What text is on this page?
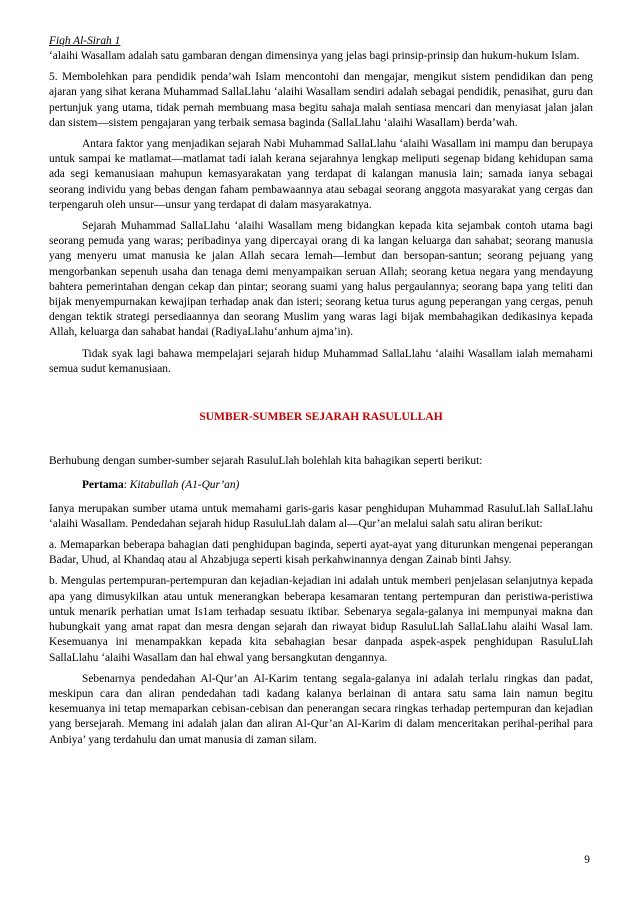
Fiqh Al-Sirah 1

‘alaihi Wasallam adalah satu gambaran dengan dimensinya yang jelas bagi prinsip-prinsip dan hukum-hukum Islam.

5. Membolehkan para pendidik penda’wah Islam mencontohi dan mengajar, mengikut sistem pendidikan dan peng ajaran yang sihat kerana Muhammad SallaLlahu ‘alaihi Wasallam sendiri adalah sebagai pendidik, penasihat, guru dan pertunjuk yang utama, tidak pernah membuang masa begitu sahaja malah sentiasa mencari dan menyiasat jalan jalan dan sistem—sistem pengajaran yang terbaik semasa baginda (SallaLlahu ‘alaihi Wasallam) berda’wah.

Antara faktor yang menjadikan sejarah Nabi Muhammad SallaLlahu ‘alaihi Wasallam ini mampu dan berupaya untuk sampai ke matlamat—matlamat tadi ialah kerana sejarahnya lengkap meliputi segenap bidang kehidupan sama ada segi kemanusiaan mahupun kemasyarakatan yang terdapat di kalangan manusia lain; samada ianya sebagai seorang individu yang bebas dengan faham pembawaannya atau sebagai seorang anggota masyarakat yang cergas dan terpengaruh oleh unsur—unsur yang terdapat di dalam masyarakatnya.

Sejarah Muhammad SallaLlahu ‘alaihi Wasallam meng bidangkan kepada kita sejambak contoh utama bagi seorang pemuda yang waras; peribadinya yang dipercayai orang di ka langan keluarga dan sahabat; seorang manusia yang menyeru umat manusia ke jalan Allah secara lemah—lembut dan bersopan-santun; seorang pejuang yang mengorbankan sepenuh usaha dan tenaga demi menyampaikan seruan Allah; seorang ketua negara yang mendayung bahtera pemerintahan dengan cekap dan pintar; seorang suami yang halus pergaulannya; seorang bapa yang teliti dan bijak menyempurnakan kewajipan terhadap anak dan isteri; seorang ketua turus agung peperangan yang cergas, penuh dengan tektik strategi persediaannya dan seorang Muslim yang waras lagi bijak membahagikan dedikasinya kepada Allah, keluarga dan sahabat handai (RadiyaLlahu‘anhum ajma’in).

Tidak syak lagi bahawa mempelajari sejarah hidup Muhammad SallaLlahu ‘alaihi Wasallam ialah memahami semua sudut kemanusiaan.

SUMBER-SUMBER SEJARAH RASULULLAH

Berhubung dengan sumber-sumber sejarah RasuluLlah bolehlah kita bahagikan seperti berikut:

Pertama: Kitabullah (A1-Qur’an)

Ianya merupakan sumber utama untuk memahami garis-garis kasar penghidupan Muhammad RasuluLlah SallaLlahu ‘alaihi Wasallam. Pendedahan sejarah hidup RasuluLlah dalam al—Qur’an melalui salah satu aliran berikut:

a. Memaparkan beberapa bahagian dati penghidupan baginda, seperti ayat-ayat yang diturunkan mengenai peperangan Badar, Uhud, al Khandaq atau al Ahzabjuga seperti kisah perkahwinannya dengan Zainab binti Jahsy.

b. Mengulas pertempuran-pertempuran dan kejadian-kejadian ini adalah untuk memberi penjelasan selanjutnya kepada apa yang dimusykilkan atau untuk menerangkan beberapa kesamaran tentang pertempuran dan peristiwa-peristiwa untuk menarik perhatian umat Is1am terhadap sesuatu iktibar. Sebenarya segala-galanya ini mempunyai makna dan hubungkait yang amat rapat dan mesra dengan sejarah dan riwayat bidup RasuluLlah SallaLlahu alaihi Wasal lam. Kesemuanya ini menampakkan kepada kita sebahagian besar danpada aspek-aspek penghidupan RasuluLlah SallaLlahu ‘alaihi Wasallam dan hal ehwal yang bersangkutan dengannya.

Sebenarnya pendedahan Al-Qur’an Al-Karim tentang segala-galanya ini adalah terlalu ringkas dan padat, meskipun cara dan aliran pendedahan tadi kadang kalanya berlainan di antara satu sama lain namun begitu kesemuanya ini tetap memaparkan cebisan-cebisan dan penerangan secara ringkas terhadap pertempuran dan kejadian yang bersejarah. Memang ini adalah jalan dan aliran Al-Qur’an Al-Karim di dalam menceritakan perihal-perihal para Anbiya’ yang terdahulu dan umat manusia di zaman silam.

9
